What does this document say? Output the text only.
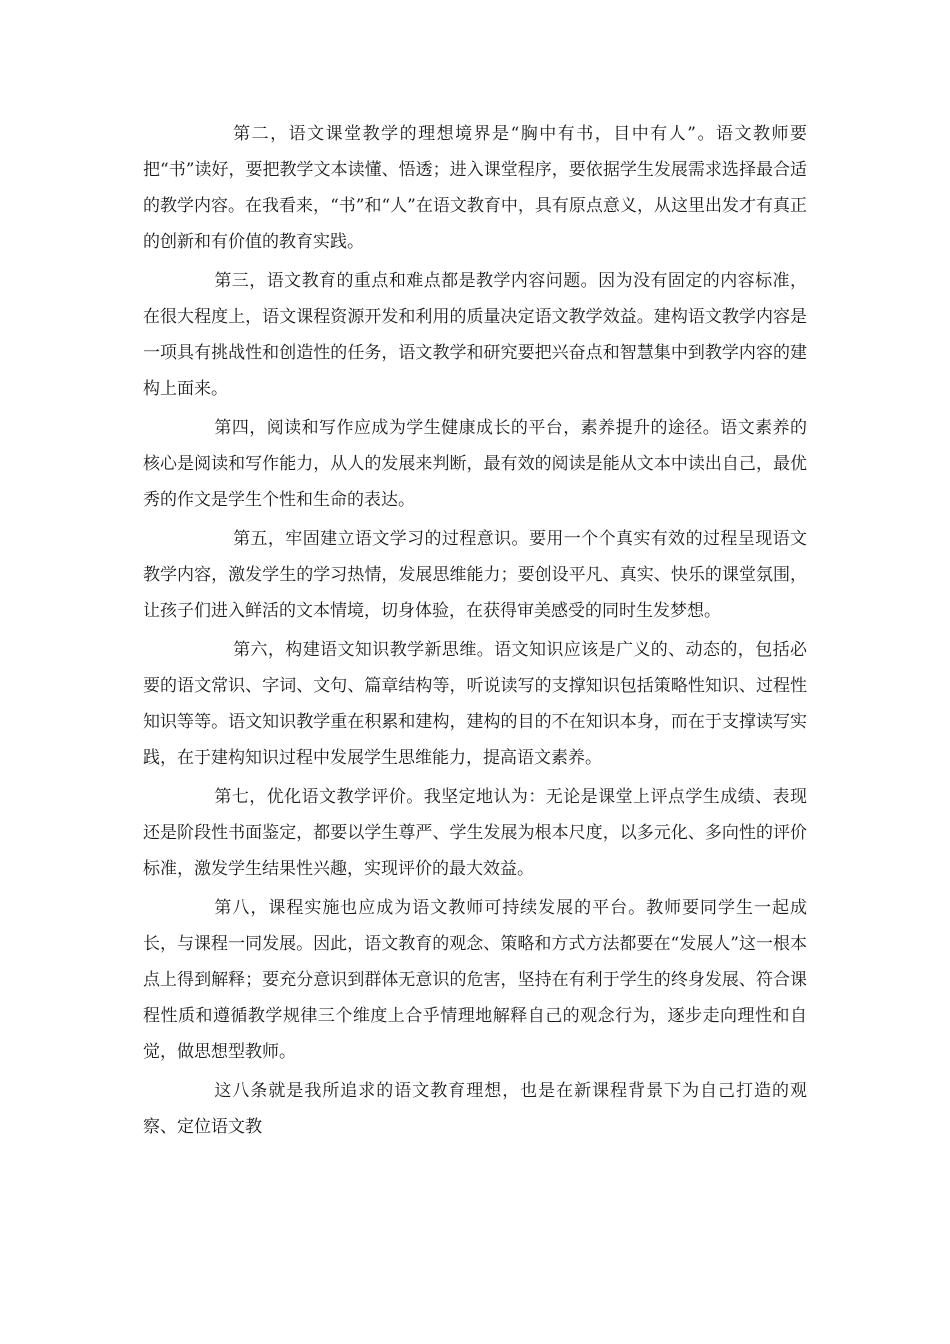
第二，语文课堂教学的理想境界是“胸中有书，目中有人”。语文教师要把“书”读好，要把教学文本读懂、悟透；进入课堂程序，要依据学生发展需求选择最合适的教学内容。在我看来，“书”和“人”在语文教育中，具有原点意义，从这里出发才有真正的创新和有价值的教育实践。

第三，语文教育的重点和难点都是教学内容问题。因为没有固定的内容标准，在很大程度上，语文课程资源开发和利用的质量决定语文教学效益。建构语文教学内容是一项具有挑战性和创造性的任务，语文教学和研究要把兴奋点和智慧集中到教学内容的建构上面来。

第四，阅读和写作应成为学生健康成长的平台，素养提升的途径。语文素养的核心是阅读和写作能力，从人的发展来判断，最有效的阅读是能从文本中读出自己，最优秀的作文是学生个性和生命的表达。

第五，牢固建立语文学习的过程意识。要用一个个真实有效的过程呈现语文教学内容，激发学生的学习热情，发展思维能力；要创设平凡、真实、快乐的课堂氛围，让孩子们进入鲜活的文本情境，切身体验，在获得审美感受的同时生发梦想。

第六，构建语文知识教学新思维。语文知识应该是广义的、动态的，包括必要的语文常识、字词、文句、篇章结构等，听说读写的支撑知识包括策略性知识、过程性知识等等。语文知识教学重在积累和建构，建构的目的不在知识本身，而在于支撑读写实践，在于建构知识过程中发展学生思维能力，提高语文素养。

第七，优化语文教学评价。我坚定地认为：无论是课堂上评点学生成绩、表现还是阶段性书面鉴定，都要以学生尊严、学生发展为根本尺度，以多元化、多向性的评价标准，激发学生结果性兴趣，实现评价的最大效益。

第八，课程实施也应成为语文教师可持续发展的平台。教师要同学生一起成长，与课程一同发展。因此，语文教育的观念、策略和方式方法都要在“发展人”这一根本点上得到解释；要充分意识到群体无意识的危害，坚持在有利于学生的终身发展、符合课程性质和遵循教学规律三个维度上合乎情理地解释自己的观念行为，逐步走向理性和自觉，做思想型教师。

这八条就是我所追求的语文教育理想，也是在新课程背景下为自己打造的观察、定位语文教
